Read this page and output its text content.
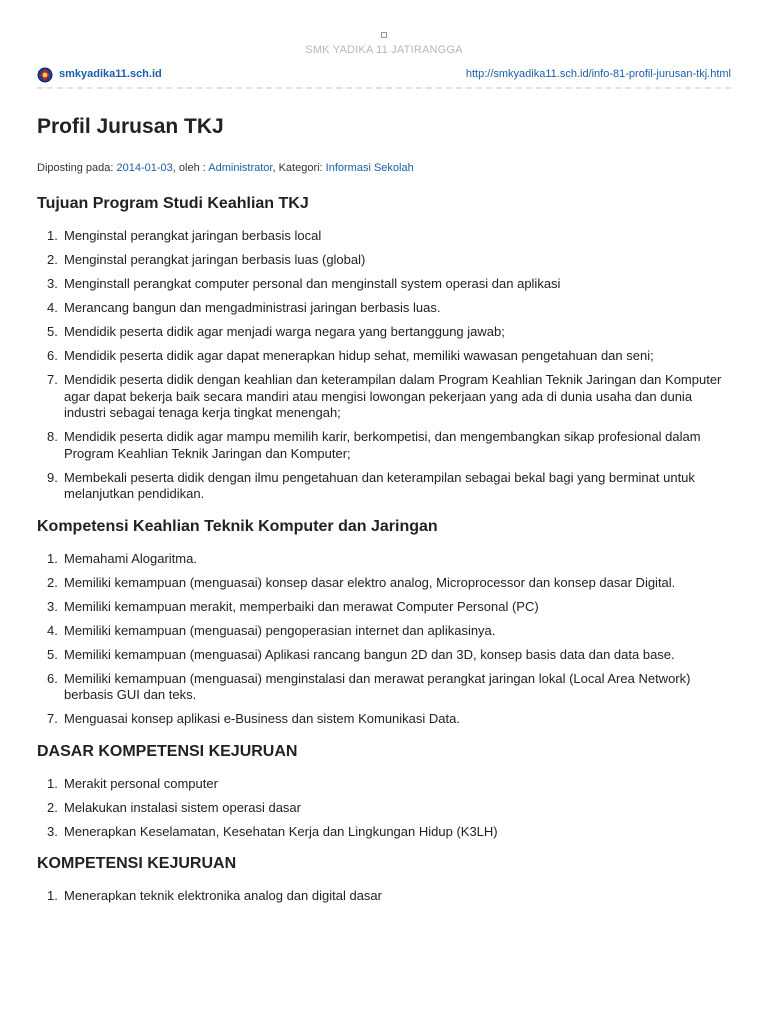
SMK YADIKA 11 JATIRANGGA
smkyadika11.sch.id	http://smkyadika11.sch.id/info-81-profil-jurusan-tkj.html
Profil Jurusan TKJ
Diposting pada: 2014-01-03, oleh : Administrator, Kategori: Informasi Sekolah
Tujuan Program Studi Keahlian TKJ
1. Menginstal perangkat jaringan berbasis local
2. Menginstal perangkat jaringan berbasis luas (global)
3. Menginstall perangkat computer personal dan menginstall system operasi dan aplikasi
4. Merancang bangun dan mengadministrasi jaringan berbasis luas.
5. Mendidik peserta didik agar menjadi warga negara yang bertanggung jawab;
6. Mendidik peserta didik agar dapat menerapkan hidup sehat, memiliki wawasan pengetahuan dan seni;
7. Mendidik peserta didik dengan keahlian dan keterampilan dalam Program Keahlian Teknik Jaringan dan Komputer agar dapat bekerja baik secara mandiri atau mengisi lowongan pekerjaan yang ada di dunia usaha dan dunia industri sebagai tenaga kerja tingkat menengah;
8. Mendidik peserta didik agar mampu memilih karir, berkompetisi, dan mengembangkan sikap profesional dalam Program Keahlian Teknik Jaringan dan Komputer;
9. Membekali peserta didik dengan ilmu pengetahuan dan keterampilan sebagai bekal bagi yang berminat untuk melanjutkan pendidikan.
Kompetensi Keahlian Teknik Komputer dan Jaringan
1. Memahami Alogaritma.
2. Memiliki kemampuan (menguasai) konsep dasar elektro analog, Microprocessor dan konsep dasar Digital.
3. Memiliki kemampuan merakit, memperbaiki dan merawat Computer Personal (PC)
4. Memiliki kemampuan (menguasai) pengoperasian internet dan aplikasinya.
5. Memiliki kemampuan (menguasai) Aplikasi rancang bangun 2D dan 3D, konsep basis data dan data base.
6. Memiliki kemampuan (menguasai) menginstalasi dan merawat perangkat jaringan lokal (Local Area Network) berbasis GUI dan teks.
7. Menguasai konsep aplikasi e-Business dan sistem Komunikasi Data.
DASAR KOMPETENSI KEJURUAN
1. Merakit personal computer
2. Melakukan instalasi sistem operasi dasar
3. Menerapkan Keselamatan, Kesehatan Kerja dan Lingkungan Hidup (K3LH)
KOMPETENSI KEJURUAN
1. Menerapkan teknik elektronika analog dan digital dasar
